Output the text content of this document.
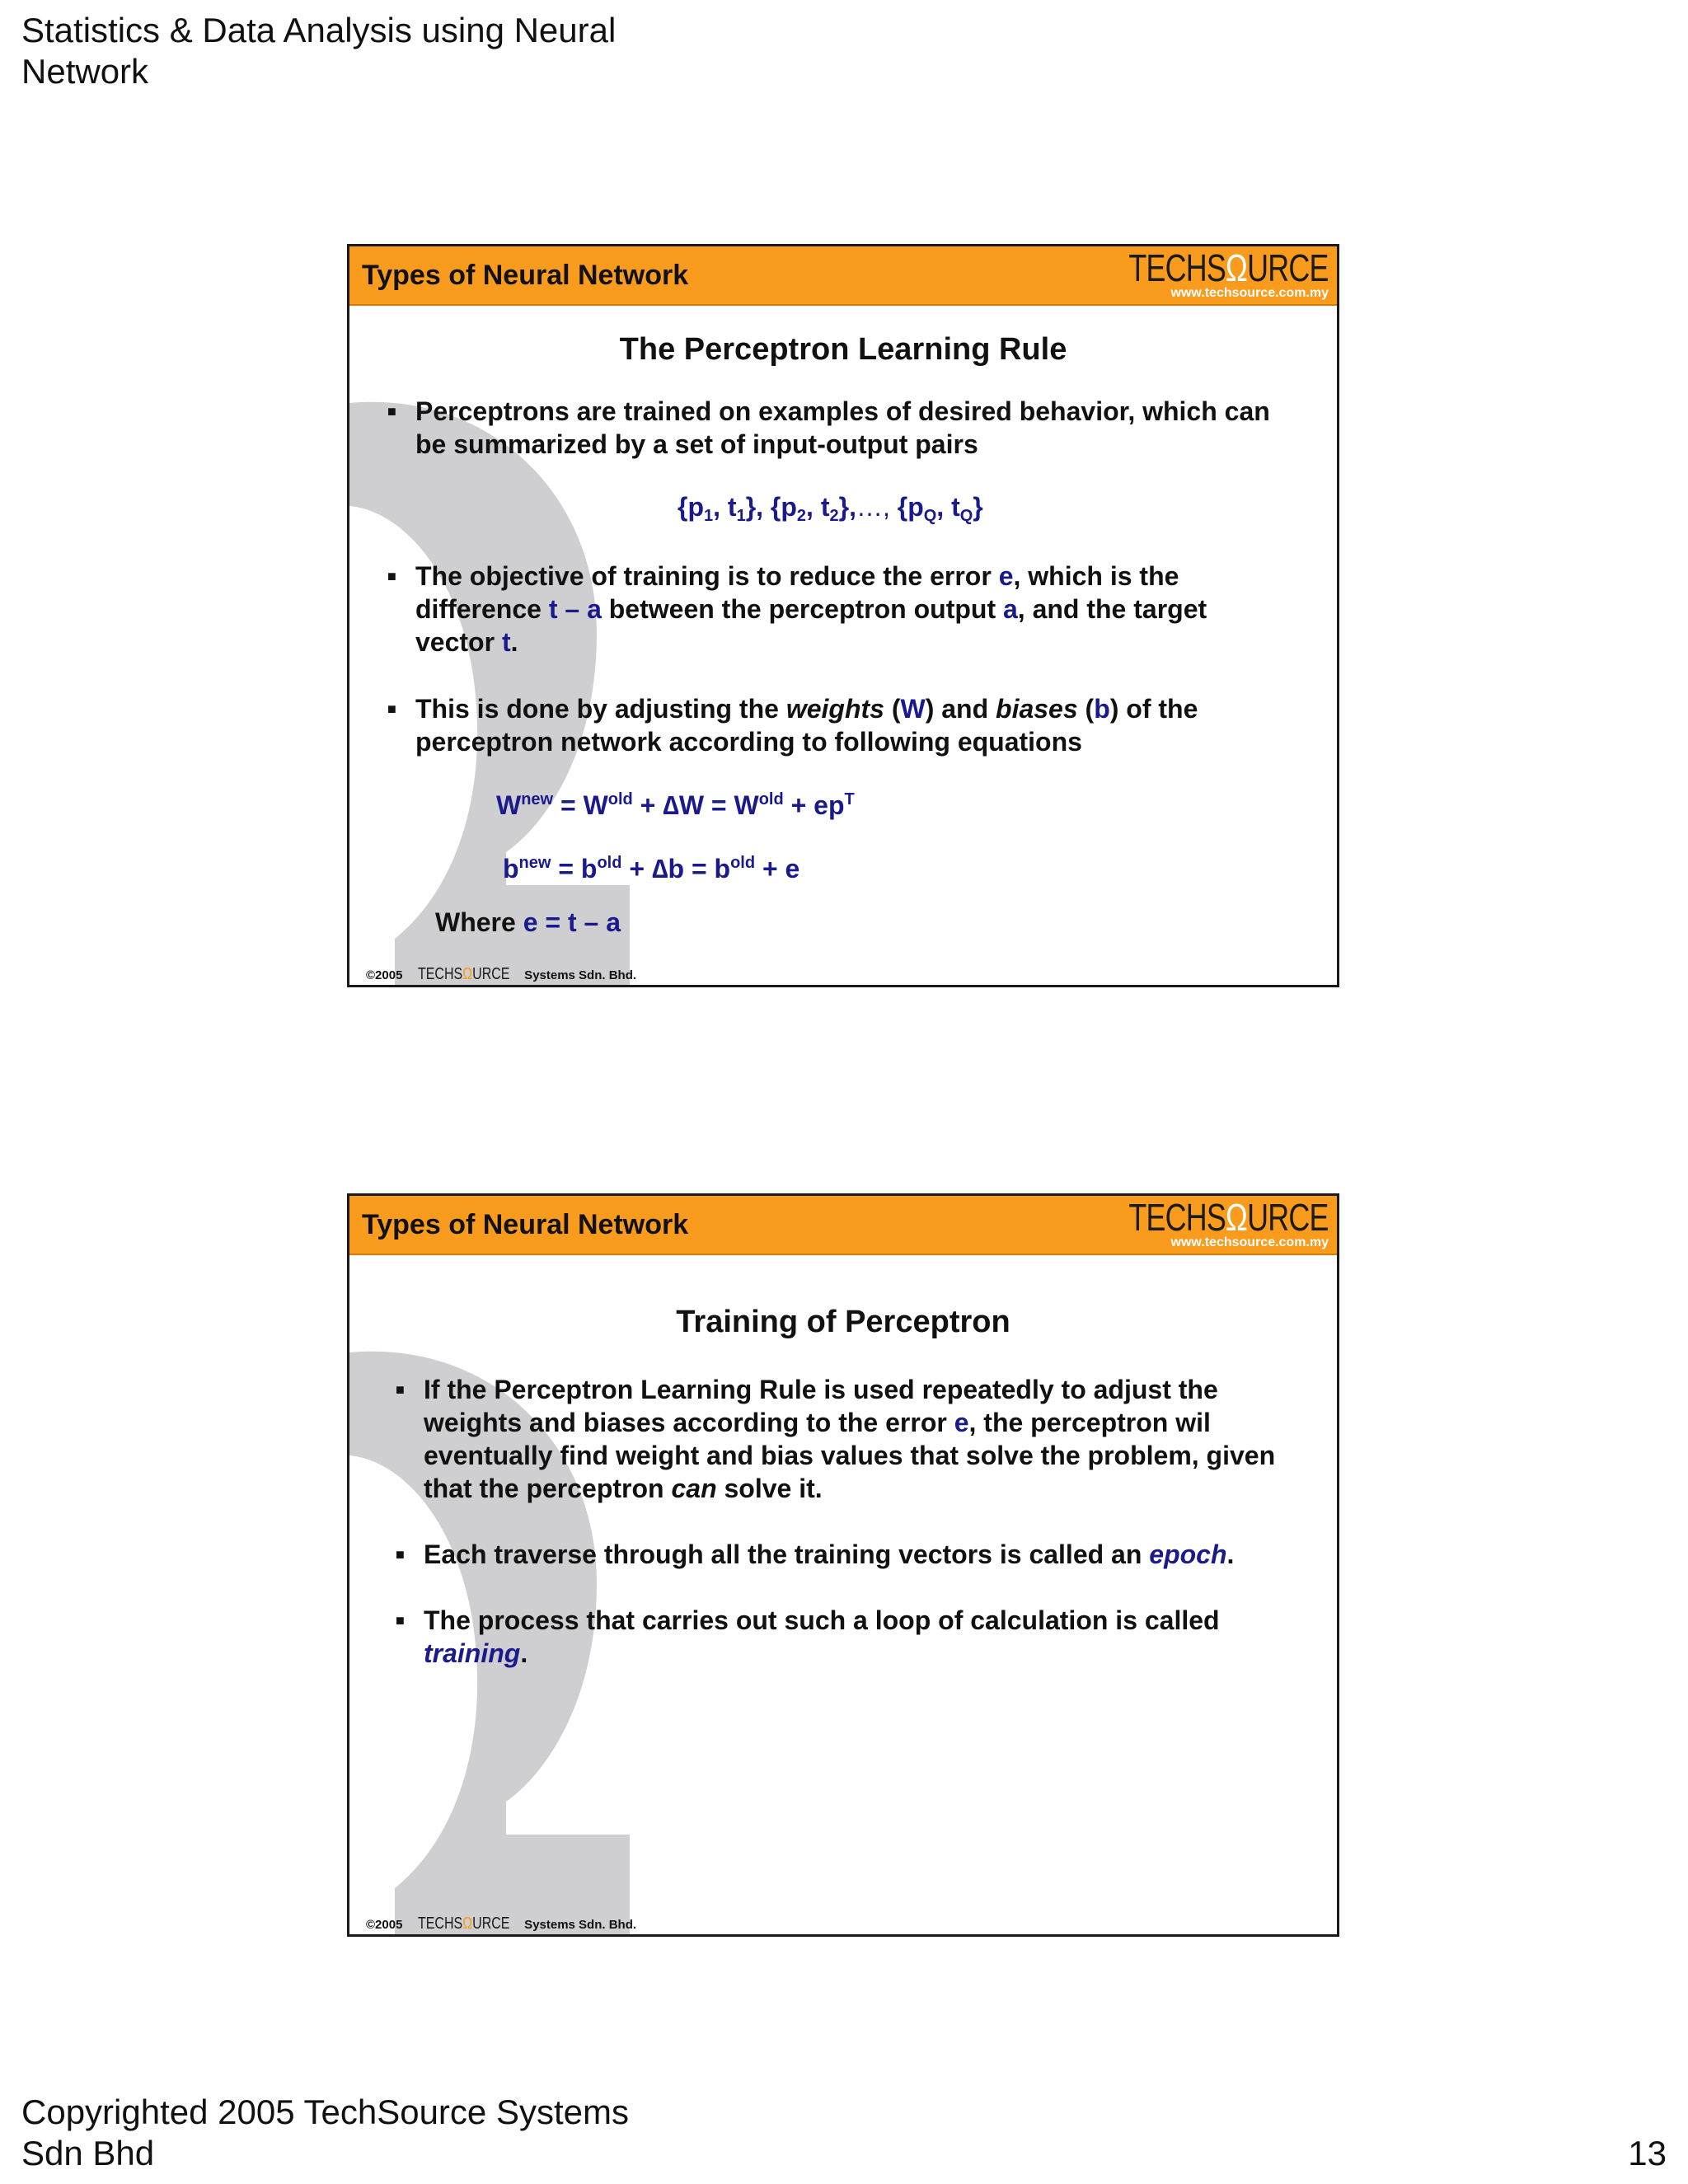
Statistics & Data Analysis using Neural
Network
Types of Neural Network	TECHSΩURCE
www.techsource.com.my
The Perceptron Learning Rule
■ Perceptrons are trained on examples of desired behavior, which can be summarized by a set of input-output pairs
{$p_1$, $t_1$}, {$p_2$, $t_2\},\dots$, {$p_Q$, $t_Q$}
■ The objective of training is to reduce the error e, which is the difference t – a between the perceptron output a, and the target vector t.
■ This is done by adjusting the weights (W) and biases (b) of the perceptron network according to following equations
$W^{new} = W^{old} + \Delta W = W^{old} + ep^T$
$b^{new} = b^{old} + \Delta b = b^{old} + e$
Where e = t – a
©2005 TECHSΩURCE Systems Sdn. Bhd.
Types of Neural Network	TECHSΩURCE
www.techsource.com.my
Training of Perceptron
■ If the Perceptron Learning Rule is used repeatedly to adjust the weights and biases according to the error e, the perceptron wil eventually find weight and bias values that solve the problem, given that the perceptron can solve it.
■ Each traverse through all the training vectors is called an epoch.
■ The process that carries out such a loop of calculation is called training.
©2005 TECHSΩURCE Systems Sdn. Bhd.
Copyrighted 2005 TechSource Systems
Sdn Bhd	13
